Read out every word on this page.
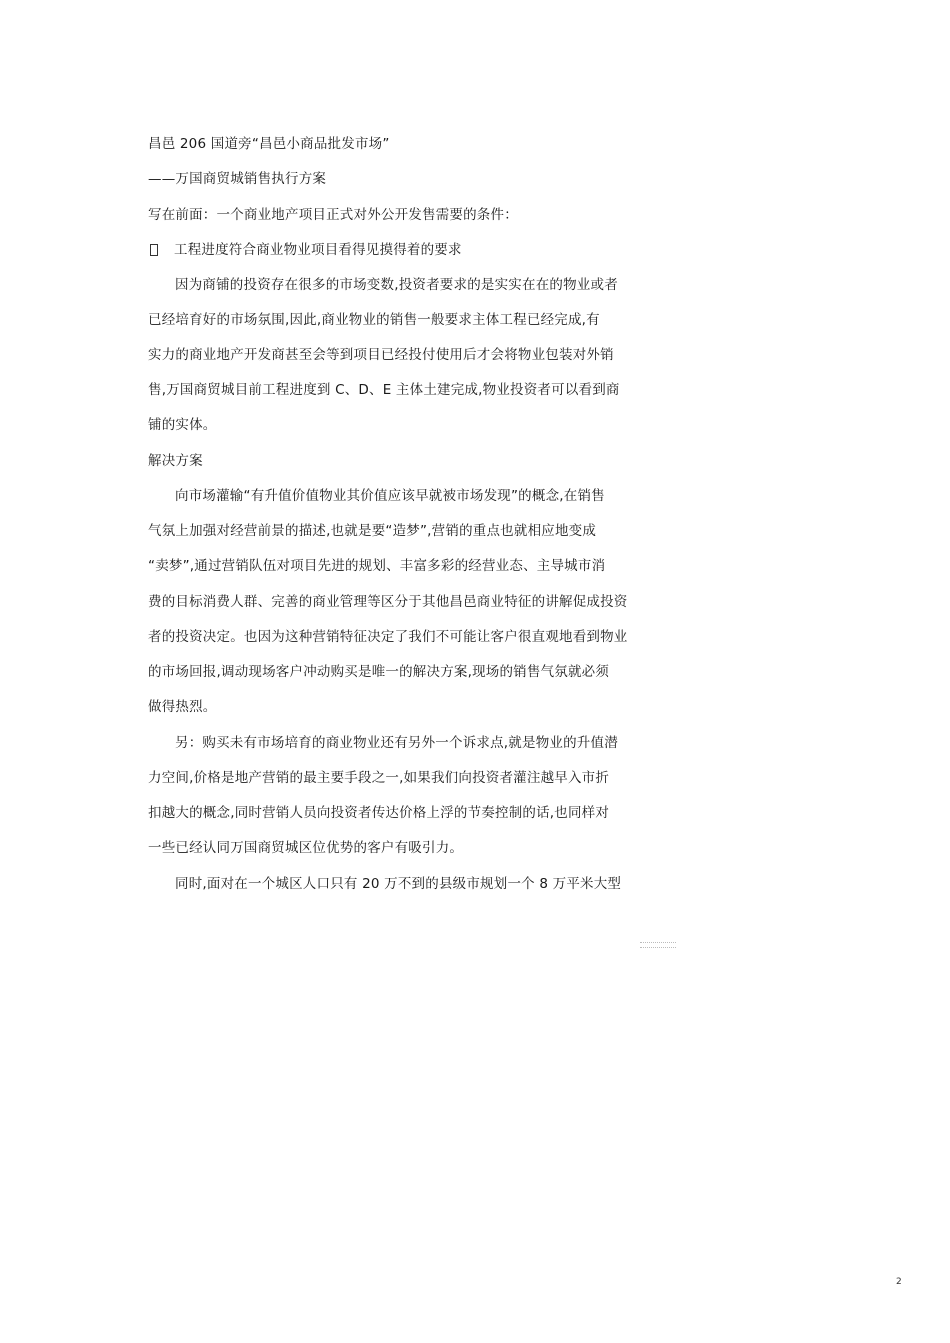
昌邑 206 国道旁“昌邑小商品批发市场”
——万国商贸城销售执行方案
写在前面：一个商业地产项目正式对外公开发售需要的条件：
工程进度符合商业物业项目看得见摸得着的要求
因为商铺的投资存在很多的市场变数,投资者要求的是实实在在的物业或者
已经培育好的市场氛围,因此,商业物业的销售一般要求主体工程已经完成,有
实力的商业地产开发商甚至会等到项目已经投付使用后才会将物业包装对外销
售,万国商贸城目前工程进度到 C、D、E 主体土建完成,物业投资者可以看到商
铺的实体。
解决方案
向市场灌输“有升值价值物业其价值应该早就被市场发现”的概念,在销售
气氛上加强对经营前景的描述,也就是要“造梦”,营销的重点也就相应地变成
“卖梦”,通过营销队伍对项目先进的规划、丰富多彩的经营业态、主导城市消
费的目标消费人群、完善的商业管理等区分于其他昌邑商业特征的讲解促成投资
者的投资决定。也因为这种营销特征决定了我们不可能让客户很直观地看到物业
的市场回报,调动现场客户冲动购买是唯一的解决方案,现场的销售气氛就必须
做得热烈。
另：购买未有市场培育的商业物业还有另外一个诉求点,就是物业的升值潜
力空间,价格是地产营销的最主要手段之一,如果我们向投资者灌注越早入市折
扣越大的概念,同时营销人员向投资者传达价格上浮的节奏控制的话,也同样对
一些已经认同万国商贸城区位优势的客户有吸引力。
同时,面对在一个城区人口只有 20 万不到的县级市规划一个 8 万平米大型
2
